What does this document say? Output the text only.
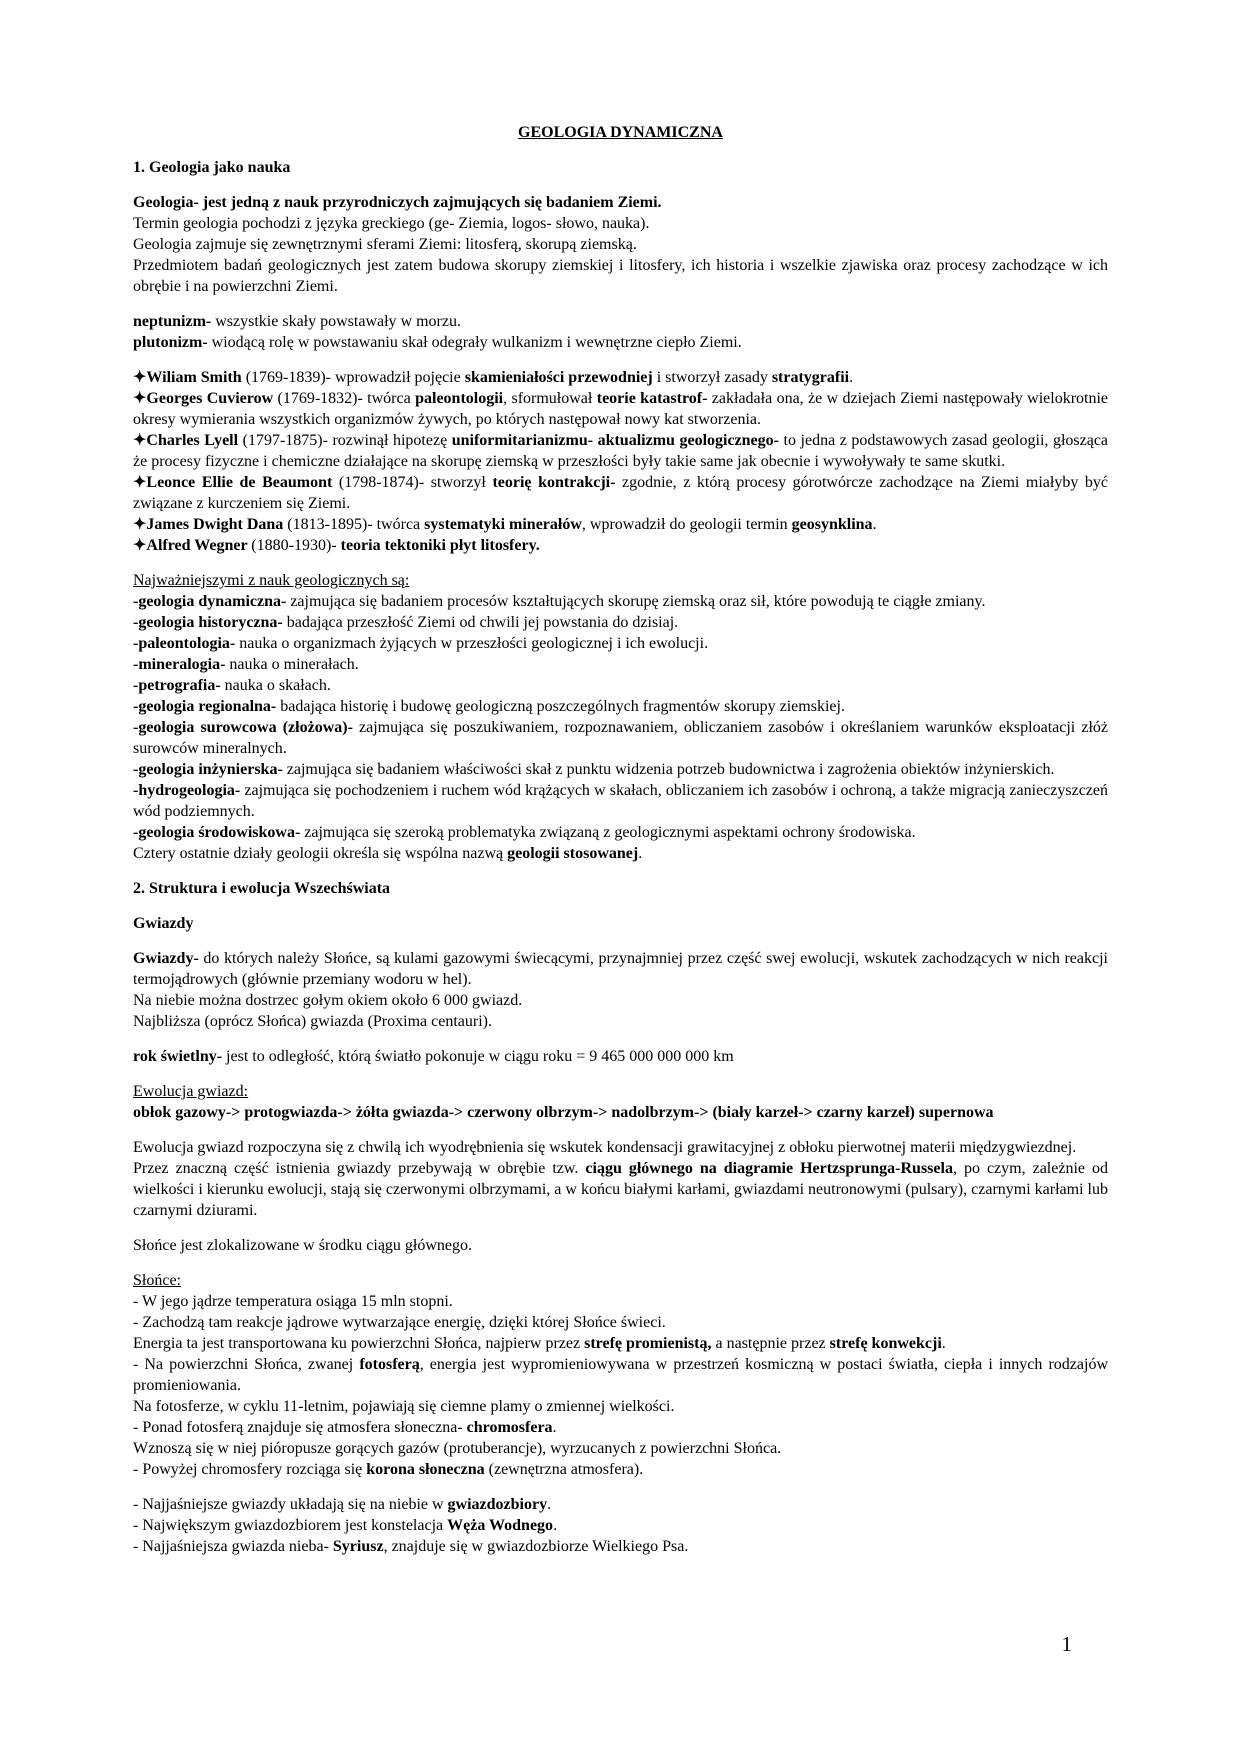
GEOLOGIA DYNAMICZNA

1. Geologia jako nauka

Geologia- jest jedną z nauk przyrodniczych zajmujących się badaniem Ziemi.

Termin geologia pochodzi z języka greckiego (ge- Ziemia, logos- słowo, nauka).

Geologia zajmuje się zewnętrznymi sferami Ziemi: litosferą, skorupą ziemską.

Przedmiotem badań geologicznych jest zatem budowa skorupy ziemskiej i litosfery, ich historia i wszelkie zjawiska oraz procesy zachodzące w ich obrębie i na powierzchni Ziemi.

neptunizm- wszystkie skały powstawały w morzu.

plutonizm- wiodącą rolę w powstawaniu skał odegrały wulkanizm i wewnętrzne ciepło Ziemi.

✦Wiliam Smith (1769-1839)- wprowadził pojęcie skamieniałości przewodniej i stworzył zasady stratygrafii.

✦Georges Cuvierow (1769-1832)- twórca paleontologii, sformułował teorie katastrof- zakładała ona, że w dziejach Ziemi następowały wielokrotnie okresy wymierania wszystkich organizmów żywych, po których następował nowy kat stworzenia.

✦Charles Lyell (1797-1875)- rozwinął hipotezę uniformitarianizmu- aktualizmu geologicznego- to jedna z podstawowych zasad geologii, głosząca że procesy fizyczne i chemiczne działające na skorupę ziemską w przeszłości były takie same jak obecnie i wywoływały te same skutki.

✦Leonce Ellie de Beaumont (1798-1874)- stworzył teorię kontrakcji- zgodnie, z którą procesy górotwórcze zachodzące na Ziemi miałyby być związane z kurczeniem się Ziemi.

✦James Dwight Dana (1813-1895)- twórca systematyki minerałów, wprowadził do geologii termin geosynklina.

✦Alfred Wegner (1880-1930)- teoria tektoniki płyt litosfery.

Najważniejszymi z nauk geologicznych są:

-geologia dynamiczna- zajmująca się badaniem procesów kształtujących skorupę ziemską oraz sił, które powodują te ciągłe zmiany.

-geologia historyczna- badająca przeszłość Ziemi od chwili jej powstania do dzisiaj.

-paleontologia- nauka o organizmach żyjących w przeszłości geologicznej i ich ewolucji.

-mineralogia- nauka o minerałach.

-petrografia- nauka o skałach.

-geologia regionalna- badająca historię i budowę geologiczną poszczególnych fragmentów skorupy ziemskiej.

-geologia surowcowa (złożowa)- zajmująca się poszukiwaniem, rozpoznawaniem, obliczaniem zasobów i określaniem warunków eksploatacji złóż surowców mineralnych.

-geologia inżynierska- zajmująca się badaniem właściwości skał z punktu widzenia potrzeb budownictwa i zagrożenia obiektów inżynierskich.

-hydrogeologia- zajmująca się pochodzeniem i ruchem wód krążących w skałach, obliczaniem ich zasobów i ochroną, a także migracją zanieczyszczeń wód podziemnych.

-geologia środowiskowa- zajmująca się szeroką problematyka związaną z geologicznymi aspektami ochrony środowiska.

Cztery ostatnie działy geologii określa się wspólna nazwą geologii stosowanej.

2. Struktura i ewolucja Wszechświata

Gwiazdy

Gwiazdy- do których należy Słońce, są kulami gazowymi świecącymi, przynajmniej przez część swej ewolucji, wskutek zachodzących w nich reakcji termojądrowych (głównie przemiany wodoru w hel).

Na niebie można dostrzec gołym okiem około 6 000 gwiazd.

Najbliższa (oprócz Słońca) gwiazda (Proxima centauri).

rok świetlny- jest to odległość, którą światło pokonuje w ciągu roku = 9 465 000 000 000 km

Ewolucja gwiazd:

obłok gazowy-> protogwiazda-> żółta gwiazda-> czerwony olbrzym-> nadolbrzym-> (biały karzeł-> czarny karzeł) supernowa

Ewolucja gwiazd rozpoczyna się z chwilą ich wyodrębnienia się wskutek kondensacji grawitacyjnej z obłoku pierwotnej materii międzygwiezdnej.

Przez znaczną część istnienia gwiazdy przebywają w obrębie tzw. ciągu głównego na diagramie Hertzsprunga-Russela, po czym, zależnie od wielkości i kierunku ewolucji, stają się czerwonymi olbrzymami, a w końcu białymi karłami, gwiazdami neutronowymi (pulsary), czarnymi karłami lub czarnymi dziurami.

Słońce jest zlokalizowane w środku ciągu głównego.

Słońce:

- W jego jądrze temperatura osiąga 15 mln stopni.

- Zachodzą tam reakcje jądrowe wytwarzające energię, dzięki której Słońce świeci.

Energia ta jest transportowana ku powierzchni Słońca, najpierw przez strefę promienistą, a następnie przez strefę konwekcji.

- Na powierzchni Słońca, zwanej fotosferą, energia jest wypromieniowywana w przestrzeń kosmiczną w postaci światła, ciepła i innych rodzajów promieniowania.

Na fotosferze, w cyklu 11-letnim, pojawiają się ciemne plamy o zmiennej wielkości.

- Ponad fotosferą znajduje się atmosfera słoneczna- chromosfera.

Wznoszą się w niej pióropusze gorących gazów (protuberancje), wyrzucanych z powierzchni Słońca.

- Powyżej chromosfery rozciąga się korona słoneczna (zewnętrzna atmosfera).

- Najjaśniejsze gwiazdy układają się na niebie w gwiazdozbiory.

- Największym gwiazdozbiorem jest konstelacja Węża Wodnego.

- Najjaśniejsza gwiazda nieba- Syriusz, znajduje się w gwiazdozbiorze Wielkiego Psa.

1
